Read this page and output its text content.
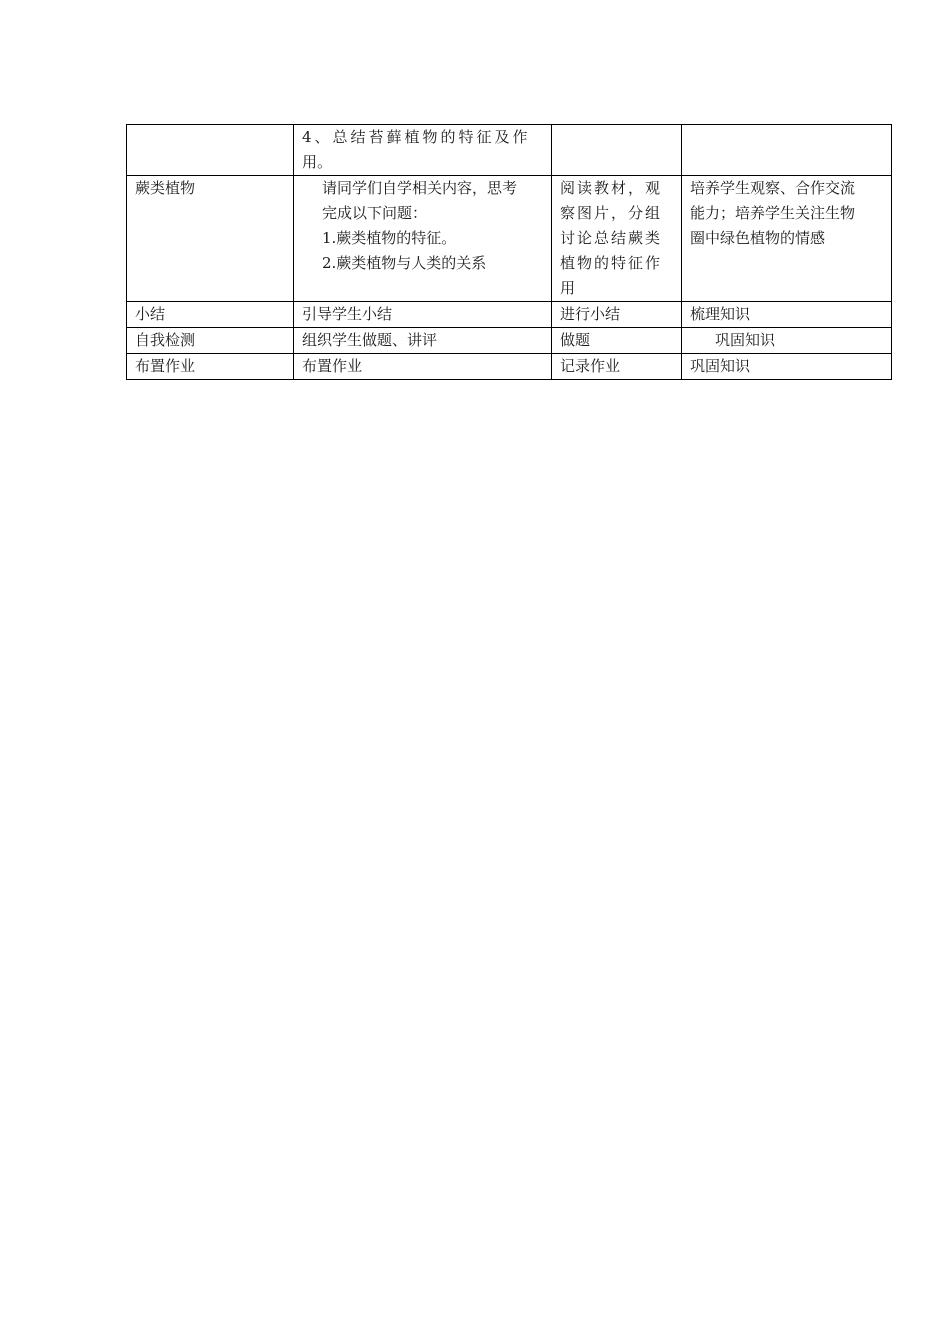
	4、总结苔藓植物的特征及作
用。		

蕨类植物	请同学们自学相关内容，思考
完成以下问题：
1.蕨类植物的特征。
2.蕨类植物与人类的关系	阅读教材，观
察图片，分组
讨论总结蕨类
植物的特征作
用	培养学生观察、合作交流
能力；培养学生关注生物
圈中绿色植物的情感

小结	引导学生小结	进行小结	梳理知识
自我检测	组织学生做题、讲评	做题	巩固知识

布置作业	布置作业	记录作业	巩固知识
